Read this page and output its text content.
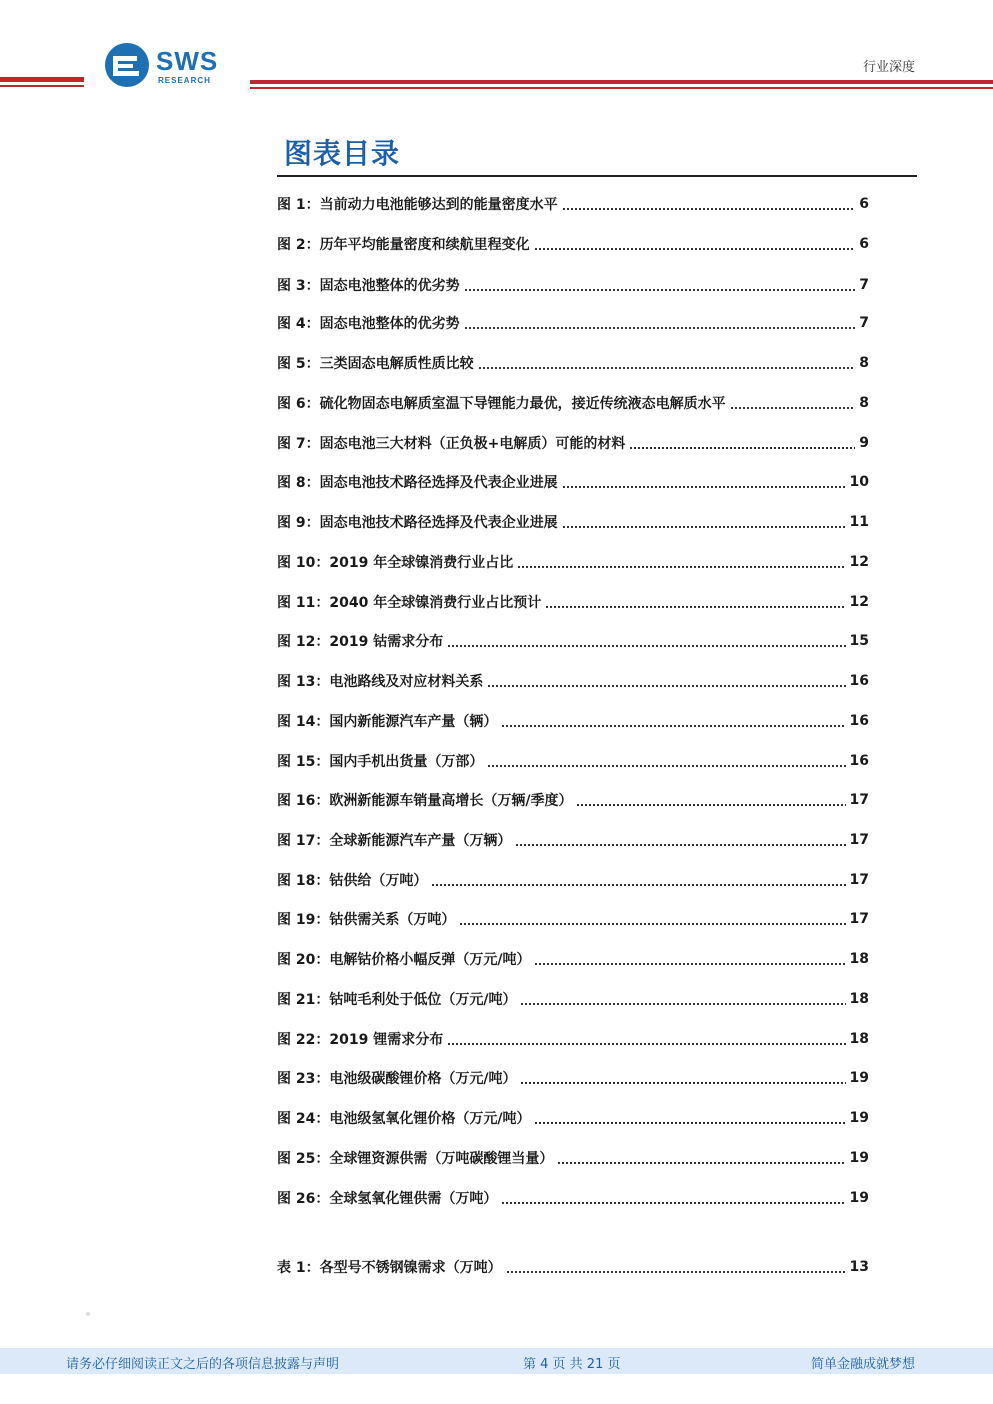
SWS
RESEARCH
行业深度
图表目录
图 1：当前动力电池能够达到的能量密度水平	6
图 2：历年平均能量密度和续航里程变化	6
图 3：固态电池整体的优劣势	7
图 4：固态电池整体的优劣势	7
图 5：三类固态电解质性质比较	8
图 6：硫化物固态电解质室温下导锂能力最优，接近传统液态电解质水平	8
图 7：固态电池三大材料（正负极+电解质）可能的材料	9
图 8：固态电池技术路径选择及代表企业进展	10
图 9：固态电池技术路径选择及代表企业进展	11
图 10：2019 年全球镍消费行业占比	12
图 11：2040 年全球镍消费行业占比预计	12
图 12：2019 钴需求分布	15
图 13：电池路线及对应材料关系	16
图 14：国内新能源汽车产量（辆）	16
图 15：国内手机出货量（万部）	16
图 16：欧洲新能源车销量高增长（万辆/季度）	17
图 17：全球新能源汽车产量（万辆）	17
图 18：钴供给（万吨）	17
图 19：钴供需关系（万吨）	17
图 20：电解钴价格小幅反弹（万元/吨）	18
图 21：钴吨毛利处于低位（万元/吨）	18
图 22：2019 锂需求分布	18
图 23：电池级碳酸锂价格（万元/吨）	19
图 24：电池级氢氧化锂价格（万元/吨）	19
图 25：全球锂资源供需（万吨碳酸锂当量）	19
图 26：全球氢氧化锂供需（万吨）	19
表 1：各型号不锈钢镍需求（万吨）	13
请务必仔细阅读正文之后的各项信息披露与声明	第 4 页 共 21 页	简单金融成就梦想
